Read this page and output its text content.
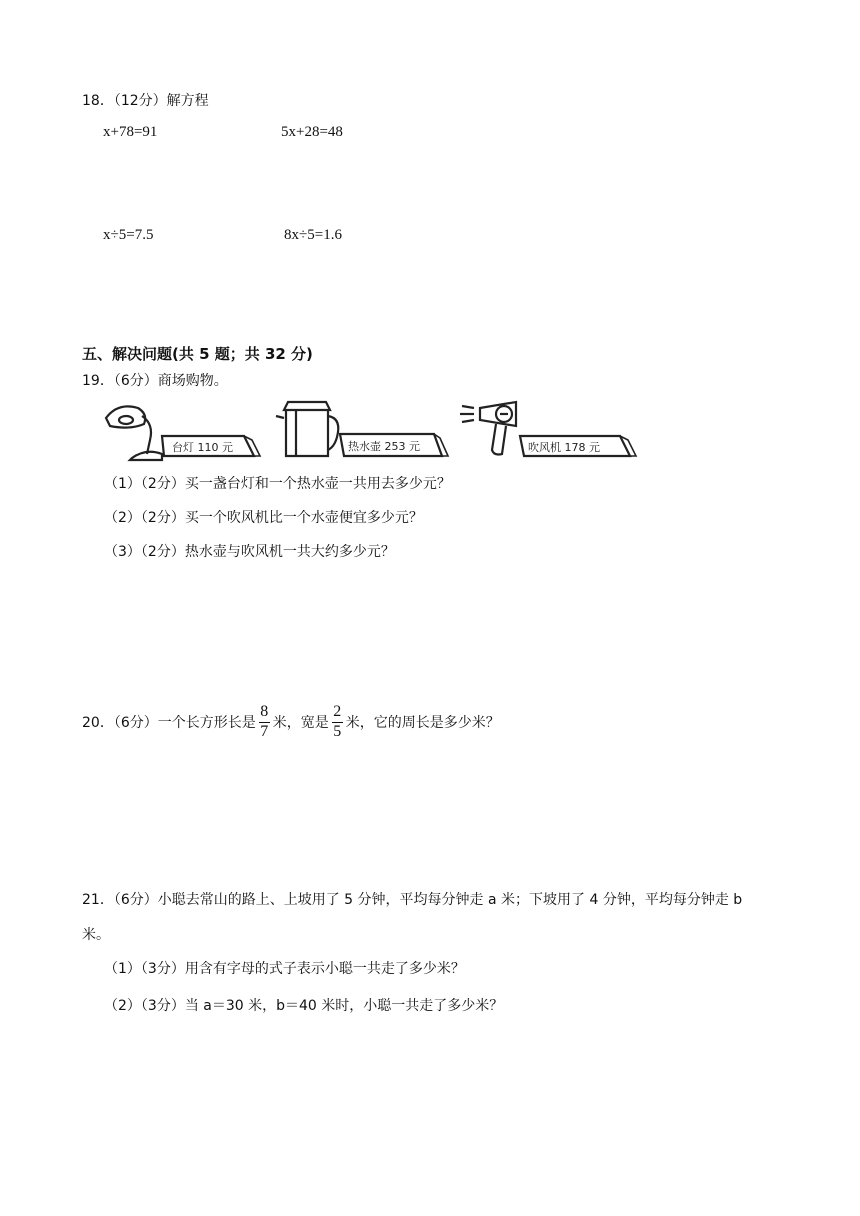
18．（12分）解方程
x+78=91	5x+28=48
x÷5=7.5	8x÷5=1.6
五、解决问题(共 5 题；共 32 分)
19．（6分）商场购物。
台灯 110 元	热水壶 253 元	吹风机 178 元
（1）（2分）买一盏台灯和一个热水壶一共用去多少元？
（2）（2分）买一个吹风机比一个水壶便宜多少元？
（3）（2分）热水壶与吹风机一共大约多少元？
20．（6分）一个长方形长是 $\frac{8}{7}$ 米，宽是 $\frac{2}{5}$ 米，它的周长是多少米？
21．（6分）小聪去常山的路上、上坡用了 5 分钟，平均每分钟走 a 米；下坡用了 4 分钟，平均每分钟走 b
米。
（1）（3分）用含有字母的式子表示小聪一共走了多少米？
（2）（3分）当 a＝30 米，b＝40 米时，小聪一共走了多少米？
